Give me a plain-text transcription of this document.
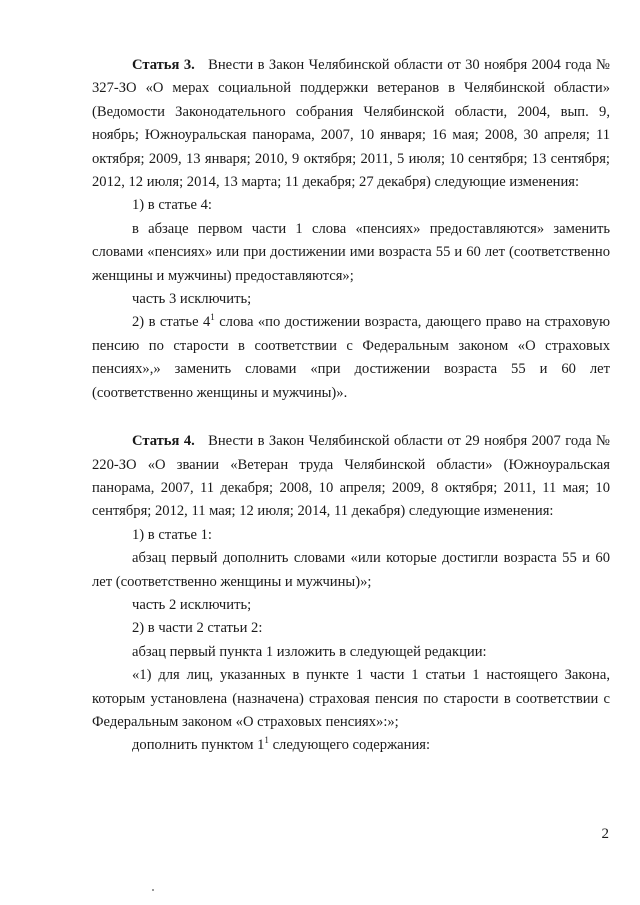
Статья 3. Внести в Закон Челябинской области от 30 ноября 2004 года № 327-ЗО «О мерах социальной поддержки ветеранов в Челябинской области» (Ведомости Законодательного собрания Челябинской области, 2004, вып. 9, ноябрь; Южноуральская панорама, 2007, 10 января; 16 мая; 2008, 30 апреля; 11 октября; 2009, 13 января; 2010, 9 октября; 2011, 5 июля; 10 сентября; 13 сентября; 2012, 12 июля; 2014, 13 марта; 11 декабря; 27 декабря) следующие изменения:

1) в статье 4:

в абзаце первом части 1 слова «пенсиях» предоставляются» заменить словами «пенсиях» или при достижении ими возраста 55 и 60 лет (соответственно женщины и мужчины) предоставляются»;

часть 3 исключить;

2) в статье $4^1$ слова «по достижении возраста, дающего право на страховую пенсию по старости в соответствии с Федеральным законом «О страховых пенсиях»,» заменить словами «при достижении возраста 55 и 60 лет (соответственно женщины и мужчины)».

Статья 4. Внести в Закон Челябинской области от 29 ноября 2007 года № 220-ЗО «О звании «Ветеран труда Челябинской области» (Южноуральская панорама, 2007, 11 декабря; 2008, 10 апреля; 2009, 8 октября; 2011, 11 мая; 10 сентября; 2012, 11 мая; 12 июля; 2014, 11 декабря) следующие изменения:

1) в статье 1:

абзац первый дополнить словами «или которые достигли возраста 55 и 60 лет (соответственно женщины и мужчины)»;

часть 2 исключить;

2) в части 2 статьи 2:

абзац первый пункта 1 изложить в следующей редакции:

«1) для лиц, указанных в пункте 1 части 1 статьи 1 настоящего Закона, которым установлена (назначена) страховая пенсия по старости в соответствии с Федеральным законом «О страховых пенсиях»:»;

дополнить пунктом $1^1$ следующего содержания:

2
